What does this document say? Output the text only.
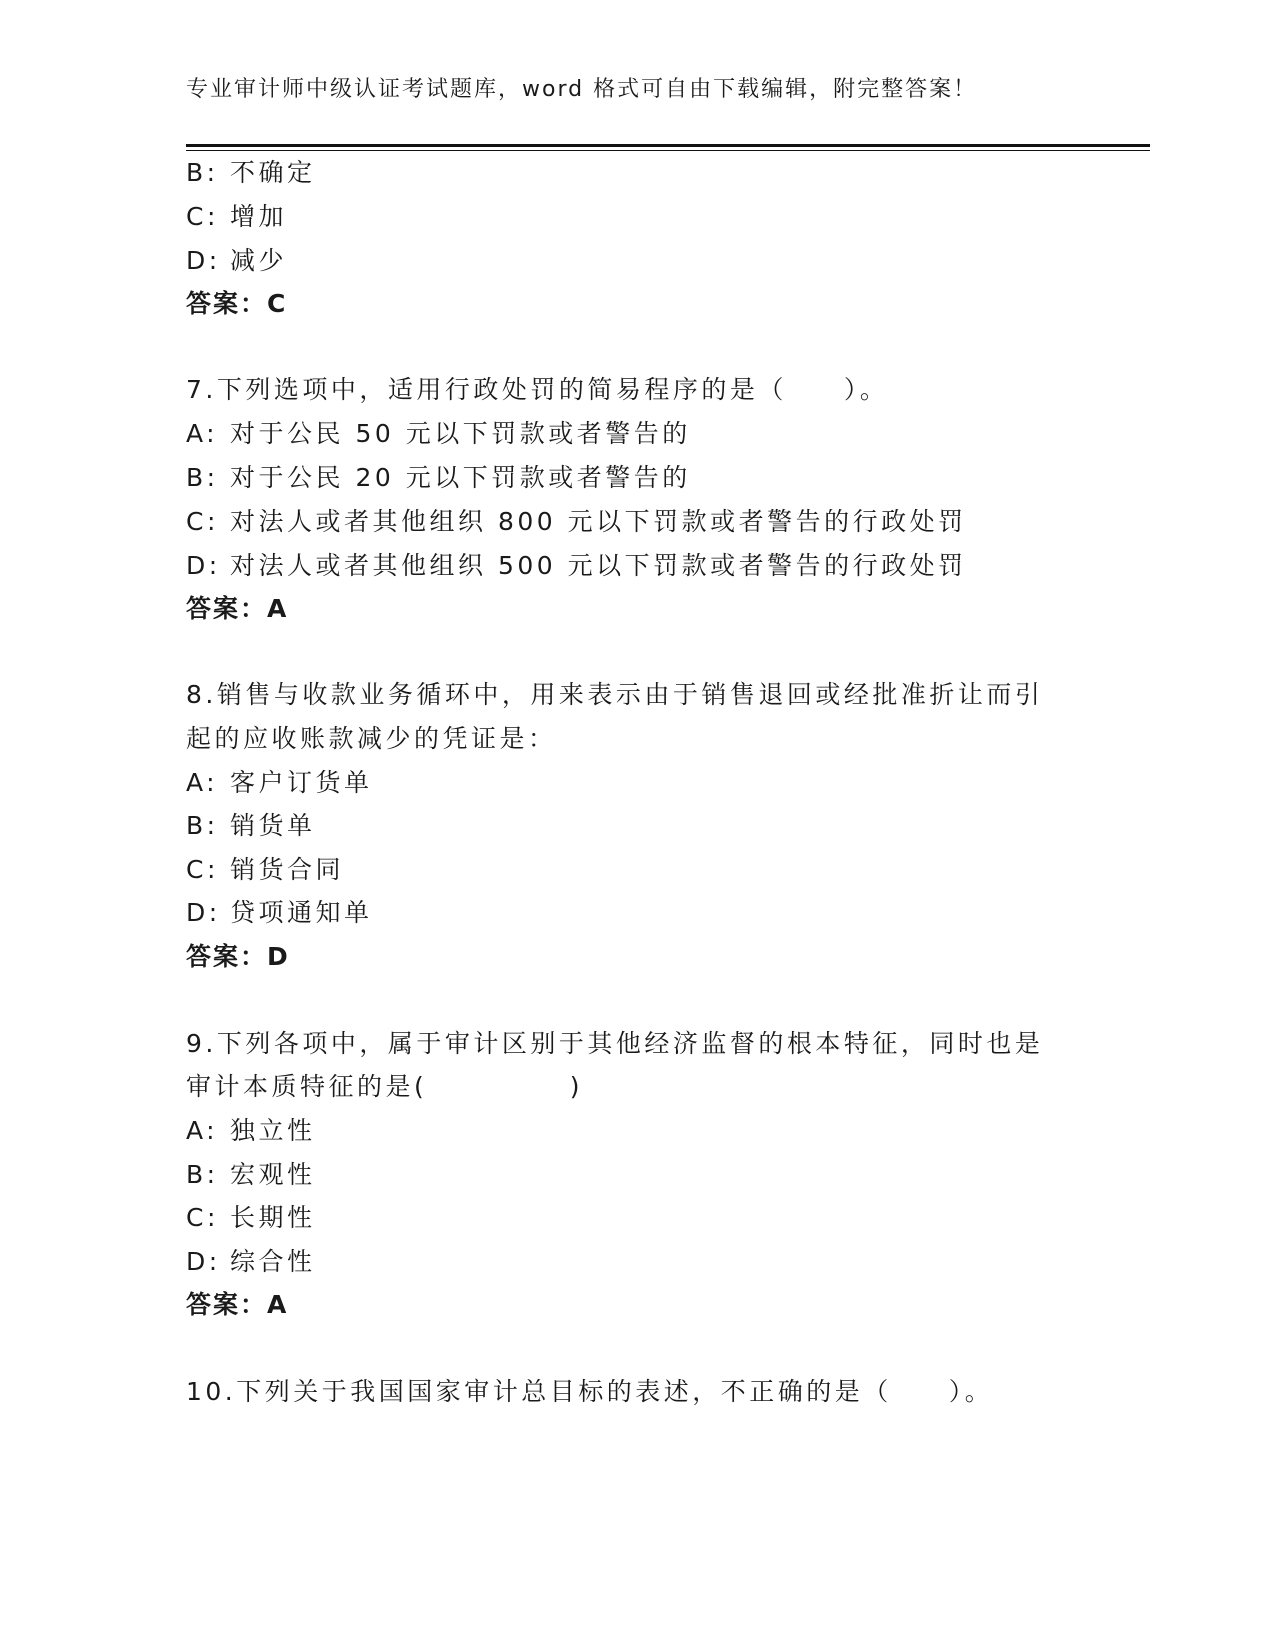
专业审计师中级认证考试题库，word 格式可自由下载编辑，附完整答案！
B: 不确定
C: 增加
D: 减少
答案：C
7.下列选项中，适用行政处罚的简易程序的是（　　）。
A: 对于公民 50 元以下罚款或者警告的
B: 对于公民 20 元以下罚款或者警告的
C: 对法人或者其他组织 800 元以下罚款或者警告的行政处罚
D: 对法人或者其他组织 500 元以下罚款或者警告的行政处罚
答案：A
8.销售与收款业务循环中，用来表示由于销售退回或经批准折让而引
起的应收账款减少的凭证是：
A: 客户订货单
B: 销货单
C: 销货合同
D: 贷项通知单
答案：D
9.下列各项中，属于审计区别于其他经济监督的根本特征，同时也是
审计本质特征的是(　　　　　)
A: 独立性
B: 宏观性
C: 长期性
D: 综合性
答案：A
10.下列关于我国国家审计总目标的表述，不正确的是（　　）。
